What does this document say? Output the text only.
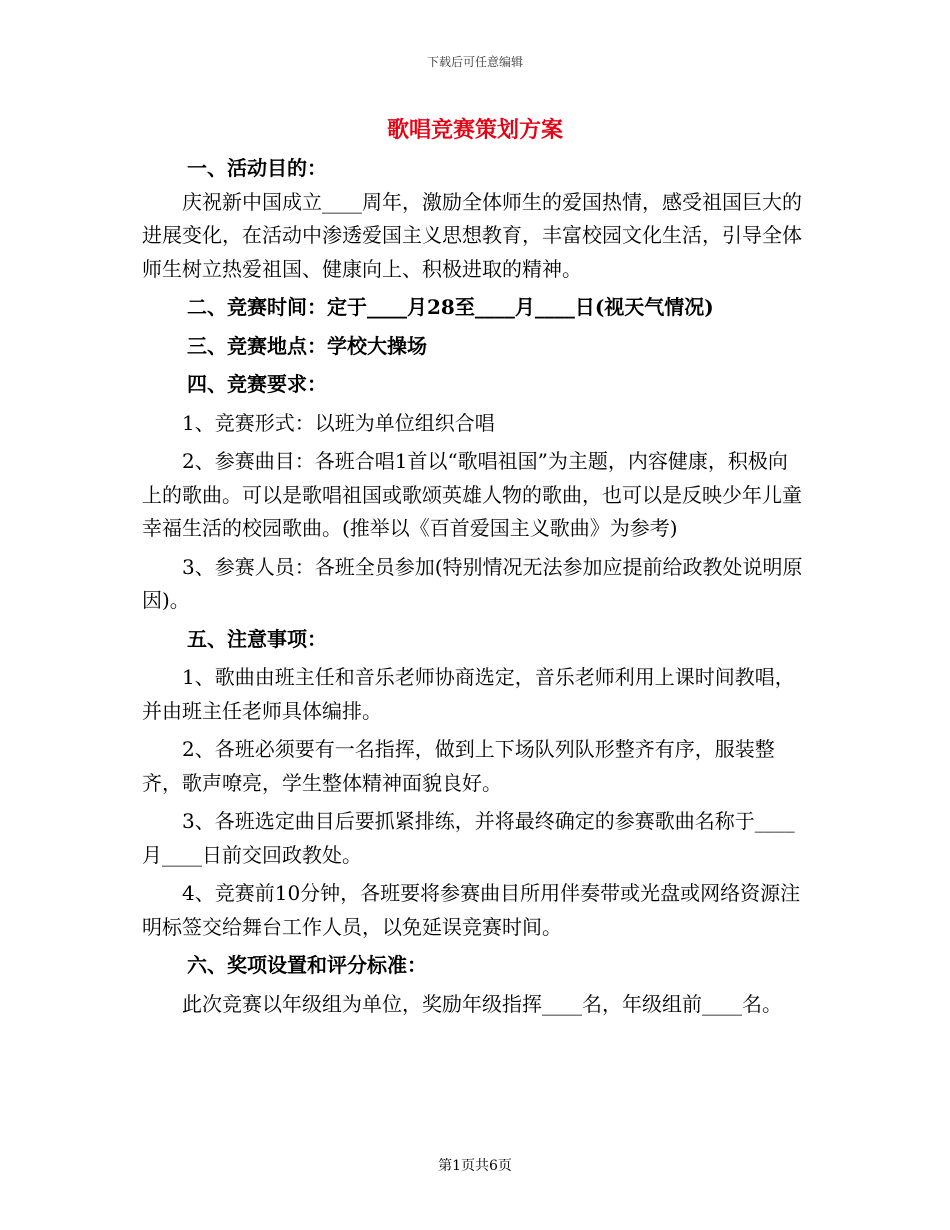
下载后可任意编辑
歌唱竞赛策划方案

一、活动目的：

庆祝新中国成立____周年，激励全体师生的爱国热情，感受祖国巨大的进展变化，在活动中渗透爱国主义思想教育，丰富校园文化生活，引导全体师生树立热爱祖国、健康向上、积极进取的精神。

二、竞赛时间：定于____月28至____月____日(视天气情况)

三、竞赛地点：学校大操场

四、竞赛要求：

1、竞赛形式：以班为单位组织合唱

2、参赛曲目：各班合唱1首以“歌唱祖国”为主题，内容健康，积极向上的歌曲。可以是歌唱祖国或歌颂英雄人物的歌曲，也可以是反映少年儿童幸福生活的校园歌曲。(推举以《百首爱国主义歌曲》为参考)

3、参赛人员：各班全员参加(特别情况无法参加应提前给政教处说明原因)。

五、注意事项：

1、歌曲由班主任和音乐老师协商选定，音乐老师利用上课时间教唱，并由班主任老师具体编排。

2、各班必须要有一名指挥，做到上下场队列队形整齐有序，服装整齐，歌声嘹亮，学生整体精神面貌良好。

3、各班选定曲目后要抓紧排练，并将最终确定的参赛歌曲名称于____月____日前交回政教处。

4、竞赛前10分钟，各班要将参赛曲目所用伴奏带或光盘或网络资源注明标签交给舞台工作人员，以免延误竞赛时间。

六、奖项设置和评分标准：

此次竞赛以年级组为单位，奖励年级指挥____名，年级组前____名。

第1页共6页
